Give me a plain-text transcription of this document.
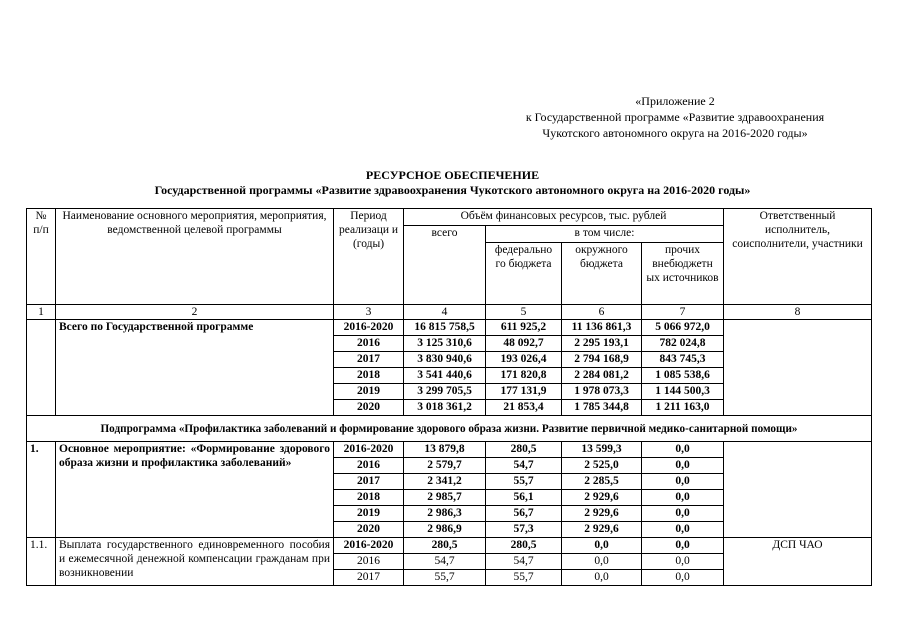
«Приложение 2
к Государственной программе «Развитие здравоохранения
Чукотского автономного округа на 2016-2020 годы»
РЕСУРСНОЕ ОБЕСПЕЧЕНИЕ
Государственной программы «Развитие здравоохранения Чукотского автономного округа на 2016-2020 годы»
№ п/п	Наименование основного мероприятия, мероприятия, ведомственной целевой программы	Период реализаци и (годы)	Объём финансовых ресурсов, тыс. рублей				Ответственный исполнитель, соисполнители, участники
			всего	в том числе:			
				федерально го бюджета	окружного бюджета	прочих внебюджетн ых источников	
1	2	3	4	5	6	7	8
	Всего по Государственной программе	2016-2020	16 815 758,5	611 925,2	11 136 861,3	5 066 972,0	
		2016	3 125 310,6	48 092,7	2 295 193,1	782 024,8	
		2017	3 830 940,6	193 026,4	2 794 168,9	843 745,3	
		2018	3 541 440,6	171 820,8	2 284 081,2	1 085 538,6	
		2019	3 299 705,5	177 131,9	1 978 073,3	1 144 500,3	
		2020	3 018 361,2	21 853,4	1 785 344,8	1 211 163,0	
Подпрограмма «Профилактика заболеваний и формирование здорового образа жизни. Развитие первичной медико-санитарной помощи»							
1.	Основное мероприятие: «Формирование здорового образа жизни и профилактика заболеваний»	2016-2020	13 879,8	280,5	13 599,3	0,0	
		2016	2 579,7	54,7	2 525,0	0,0	
		2017	2 341,2	55,7	2 285,5	0,0	
		2018	2 985,7	56,1	2 929,6	0,0	
		2019	2 986,3	56,7	2 929,6	0,0	
		2020	2 986,9	57,3	2 929,6	0,0	
1.1.	Выплата государственного единовременного пособия и ежемесячной денежной компенсации гражданам при возникновении	2016-2020	280,5	280,5	0,0	0,0	ДСП ЧАО
		2016	54,7	54,7	0,0	0,0	
		2017	55,7	55,7	0,0	0,0	
